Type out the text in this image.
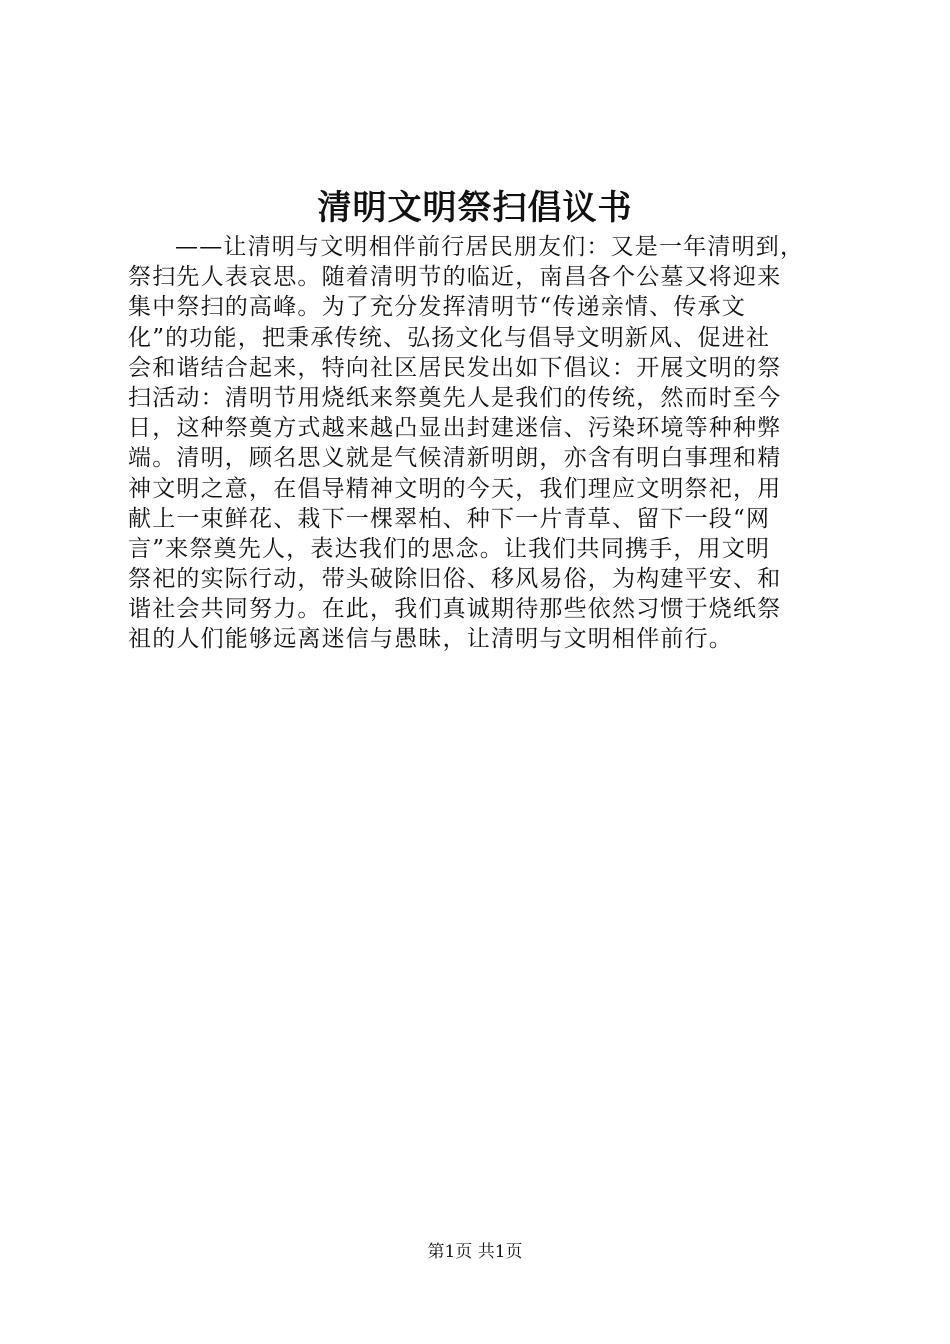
清明文明祭扫倡议书
——让清明与文明相伴前行居民朋友们：又是一年清明到，
祭扫先人表哀思。随着清明节的临近，南昌各个公墓又将迎来
集中祭扫的高峰。为了充分发挥清明节“传递亲情、传承文
化”的功能，把秉承传统、弘扬文化与倡导文明新风、促进社
会和谐结合起来，特向社区居民发出如下倡议：开展文明的祭
扫活动：清明节用烧纸来祭奠先人是我们的传统，然而时至今
日，这种祭奠方式越来越凸显出封建迷信、污染环境等种种弊
端。清明，顾名思义就是气候清新明朗，亦含有明白事理和精
神文明之意，在倡导精神文明的今天，我们理应文明祭祀，用
献上一束鲜花、栽下一棵翠柏、种下一片青草、留下一段“网
言”来祭奠先人，表达我们的思念。让我们共同携手，用文明
祭祀的实际行动，带头破除旧俗、移风易俗，为构建平安、和
谐社会共同努力。在此，我们真诚期待那些依然习惯于烧纸祭
祖的人们能够远离迷信与愚昧，让清明与文明相伴前行。
第1页 共1页
